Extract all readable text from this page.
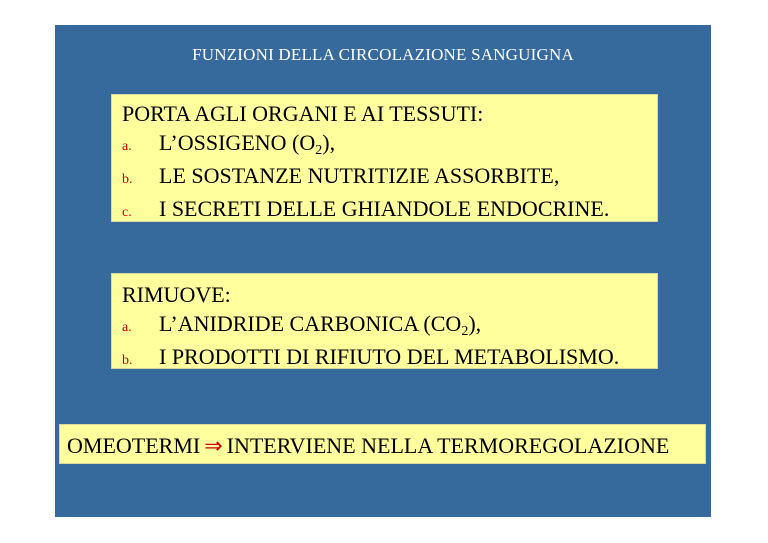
FUNZIONI DELLA CIRCOLAZIONE SANGUIGNA
PORTA AGLI ORGANI E AI TESSUTI:
a. L’OSSIGENO $(O_2)$,
b. LE SOSTANZE NUTRITIZIE ASSORBITE,
c. I SECRETI DELLE GHIANDOLE ENDOCRINE.
RIMUOVE:
a. L’ANIDRIDE CARBONICA $(CO_2)$,
b. I PRODOTTI DI RIFIUTO DEL METABOLISMO.
OMEOTERMI ⇒ INTERVIENE NELLA TERMOREGOLAZIONE
